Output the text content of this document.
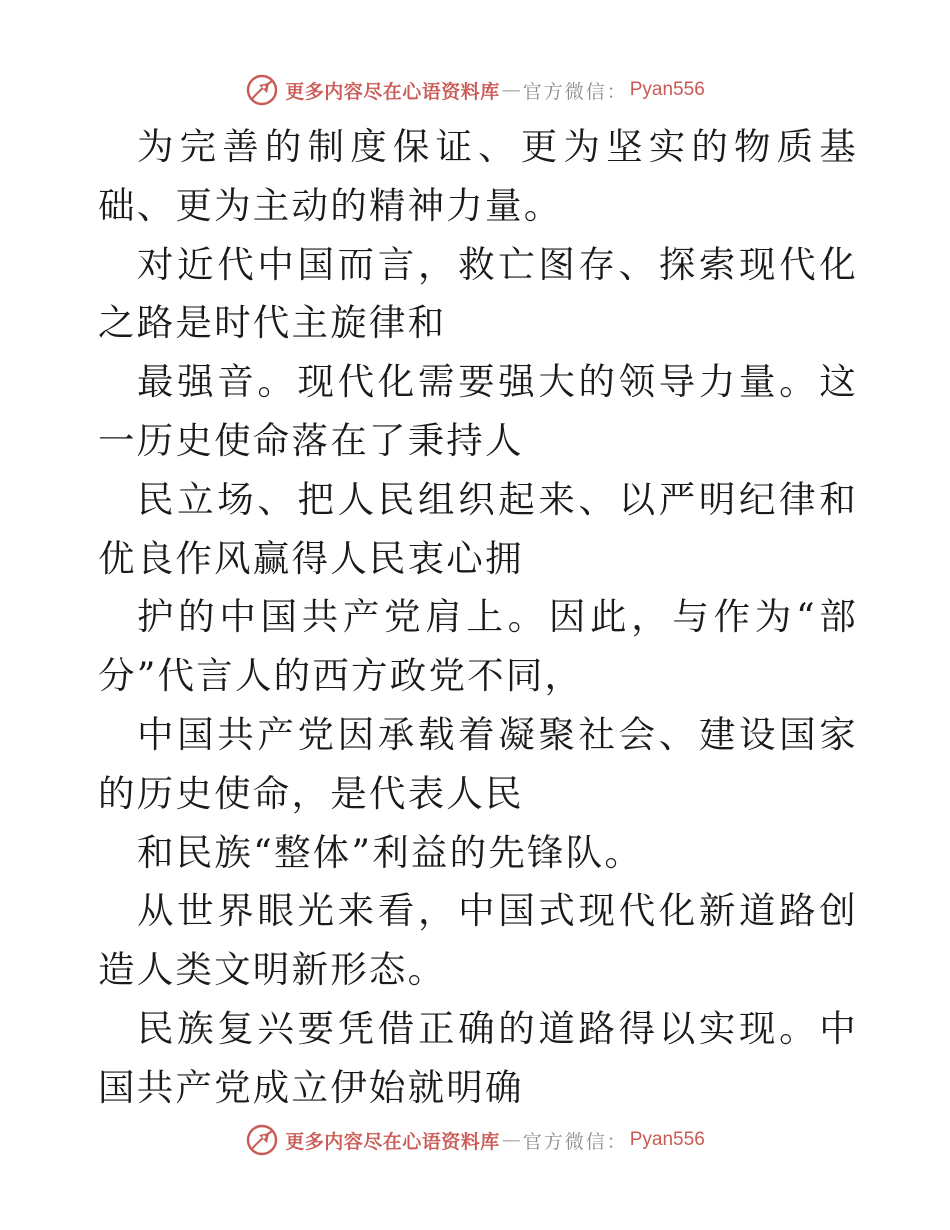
更多内容尽在心语资料库 — 官方微信： Pyan556

为完善的制度保证、更为坚实的物质基础、更为主动的精神力量。

对近代中国而言，救亡图存、探索现代化之路是时代主旋律和

最强音。现代化需要强大的领导力量。这一历史使命落在了秉持人

民立场、把人民组织起来、以严明纪律和优良作风赢得人民衷心拥

护的中国共产党肩上。因此，与作为“部分”代言人的西方政党不同，

中国共产党因承载着凝聚社会、建设国家的历史使命，是代表人民

和民族“整体”利益的先锋队。

从世界眼光来看，中国式现代化新道路创造人类文明新形态。

民族复兴要凭借正确的道路得以实现。中国共产党成立伊始就明确

更多内容尽在心语资料库 — 官方微信： Pyan556
